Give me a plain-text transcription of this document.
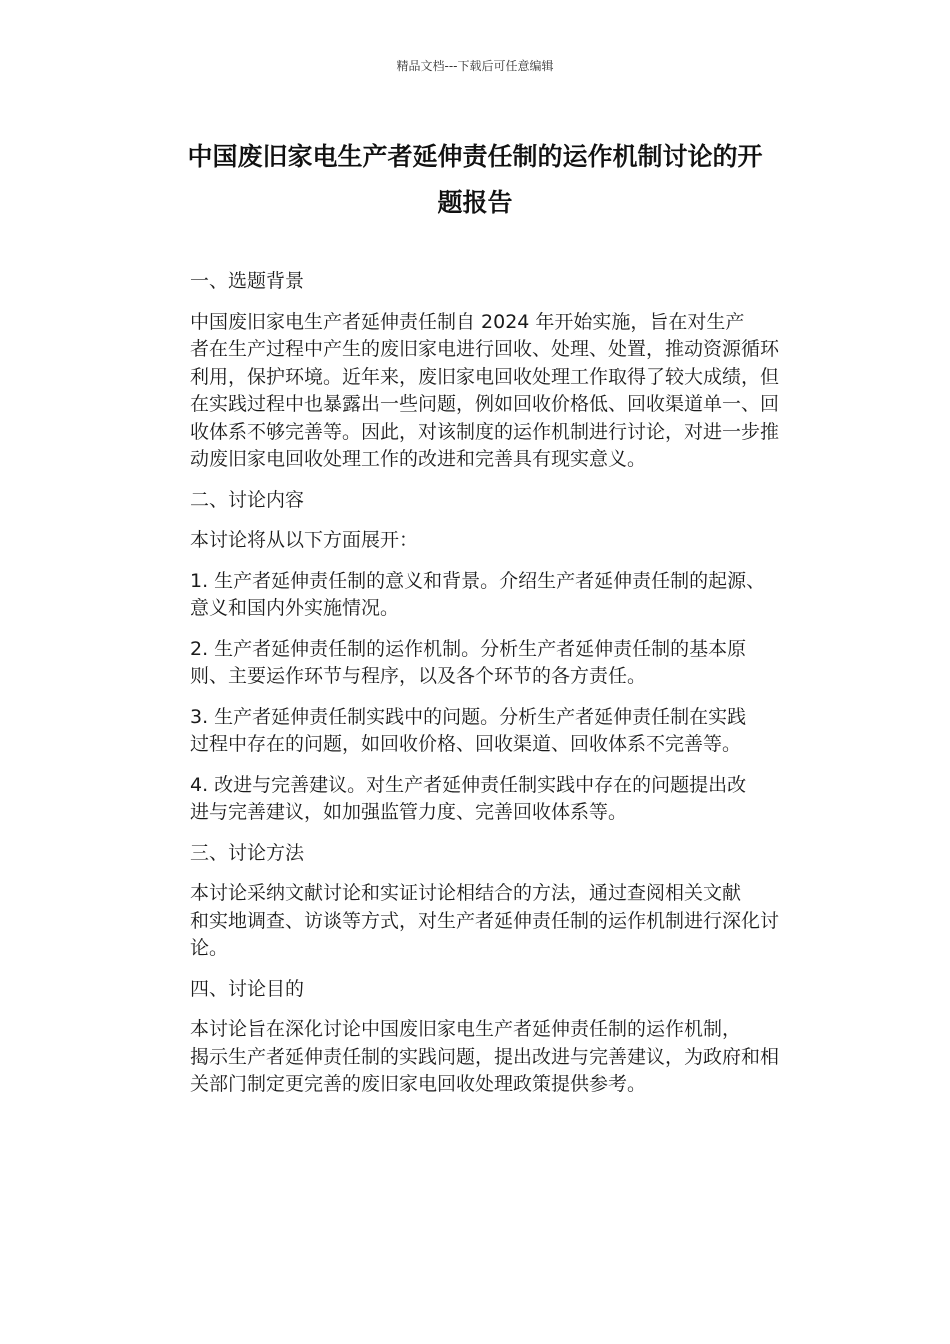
精品文档---下载后可任意编辑
中国废旧家电生产者延伸责任制的运作机制讨论的开
题报告

一、选题背景

中国废旧家电生产者延伸责任制自 2024 年开始实施，旨在对生产
者在生产过程中产生的废旧家电进行回收、处理、处置，推动资源循环
利用，保护环境。近年来，废旧家电回收处理工作取得了较大成绩，但
在实践过程中也暴露出一些问题，例如回收价格低、回收渠道单一、回
收体系不够完善等。因此，对该制度的运作机制进行讨论，对进一步推
动废旧家电回收处理工作的改进和完善具有现实意义。

二、讨论内容

本讨论将从以下方面展开：

1. 生产者延伸责任制的意义和背景。介绍生产者延伸责任制的起源、
意义和国内外实施情况。

2. 生产者延伸责任制的运作机制。分析生产者延伸责任制的基本原
则、主要运作环节与程序，以及各个环节的各方责任。

3. 生产者延伸责任制实践中的问题。分析生产者延伸责任制在实践
过程中存在的问题，如回收价格、回收渠道、回收体系不完善等。

4. 改进与完善建议。对生产者延伸责任制实践中存在的问题提出改
进与完善建议，如加强监管力度、完善回收体系等。

三、讨论方法

本讨论采纳文献讨论和实证讨论相结合的方法，通过查阅相关文献
和实地调查、访谈等方式，对生产者延伸责任制的运作机制进行深化讨
论。

四、讨论目的

本讨论旨在深化讨论中国废旧家电生产者延伸责任制的运作机制，
揭示生产者延伸责任制的实践问题，提出改进与完善建议，为政府和相
关部门制定更完善的废旧家电回收处理政策提供参考。
